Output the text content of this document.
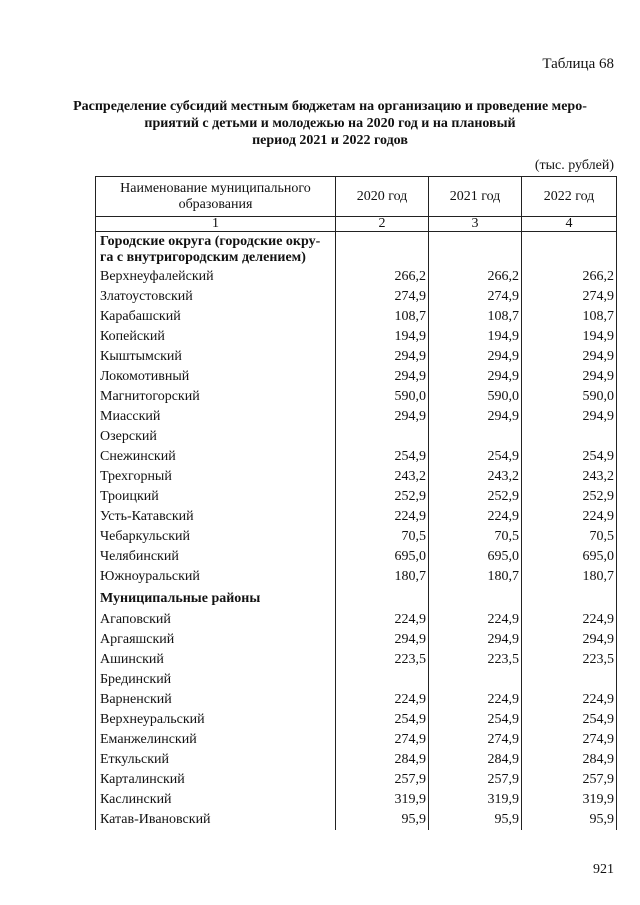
Таблица 68
Распределение субсидий местным бюджетам на организацию и проведение меро-
приятий с детьми и молодежью на 2020 год и на плановый
период 2021 и 2022 годов
(тыс. рублей)
Наименование муниципального
образования	2020 год	2021 год	2022 год
1	2	3	4

Городские округа (городские окру-
га с внутригородским делением)			

Верхнеуфалейский	266,2	266,2	266,2
Златоустовский	274,9	274,9	274,9
Карабашский	108,7	108,7	108,7
Копейский	194,9	194,9	194,9
Кыштымский	294,9	294,9	294,9
Локомотивный	294,9	294,9	294,9
Магнитогорский	590,0	590,0	590,0
Миасский	294,9	294,9	294,9
Озерский			
Снежинский	254,9	254,9	254,9
Трехгорный	243,2	243,2	243,2
Троицкий	252,9	252,9	252,9
Усть-Катавский	224,9	224,9	224,9
Чебаркульский	70,5	70,5	70,5
Челябинский	695,0	695,0	695,0
Южноуральский	180,7	180,7	180,7

Муниципальные районы			

Агаповский	224,9	224,9	224,9
Аргаяшский	294,9	294,9	294,9
Ашинский	223,5	223,5	223,5
Брединский			
Варненский	224,9	224,9	224,9
Верхнеуральский	254,9	254,9	254,9
Еманжелинский	274,9	274,9	274,9
Еткульский	284,9	284,9	284,9
Карталинский	257,9	257,9	257,9
Каслинский	319,9	319,9	319,9
Катав-Ивановский	95,9	95,9	95,9
921
